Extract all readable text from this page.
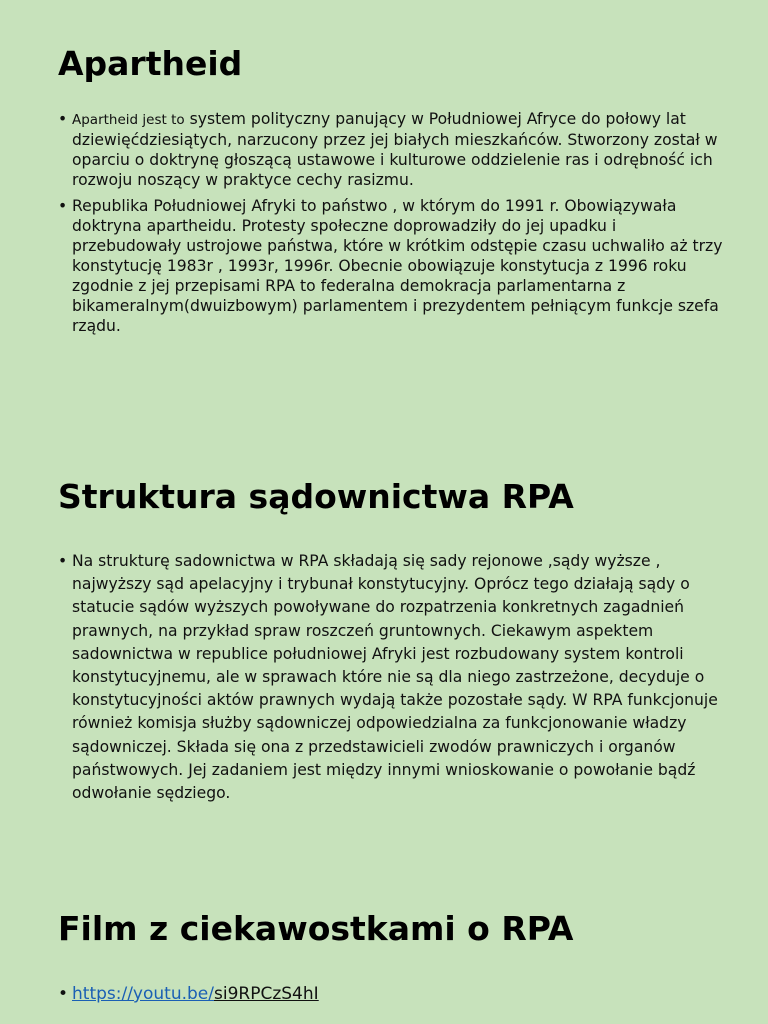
Apartheid
• Apartheid jest to system polityczny panujący w Południowej Afryce do połowy lat dziewięćdziesiątych, narzucony przez jej białych mieszkańców. Stworzony został w oparciu o doktrynę głoszącą ustawowe i kulturowe oddzielenie ras i odrębność ich rozwoju noszący w praktyce cechy rasizmu.
• Republika Południowej Afryki to państwo , w którym do 1991 r. Obowiązywała doktryna apartheidu. Protesty społeczne doprowadziły do jej upadku i przebudowały ustrojowe państwa, które w krótkim odstępie czasu uchwaliło aż trzy konstytucję 1983r , 1993r, 1996r. Obecnie obowiązuje konstytucja z 1996 roku zgodnie z jej przepisami RPA to federalna demokracja parlamentarna z bikameralnym(dwuizbowym) parlamentem i prezydentem pełniącym funkcje szefa rządu.
Struktura sądownictwa RPA
• Na strukturę sadownictwa w RPA składają się sady rejonowe ,sądy wyższe , najwyższy sąd apelacyjny i trybunał konstytucyjny. Oprócz tego działają sądy o statucie sądów wyższych powoływane do rozpatrzenia konkretnych zagadnień prawnych, na przykład spraw roszczeń gruntownych. Ciekawym aspektem sadownictwa w republice południowej Afryki jest rozbudowany system kontroli konstytucyjnemu, ale w sprawach które nie są dla niego zastrzeżone, decyduje o konstytucyjności aktów prawnych wydają także pozostałe sądy. W RPA funkcjonuje również komisja służby sądowniczej odpowiedzialna za funkcjonowanie władzy sądowniczej. Składa się ona z przedstawicieli zwodów prawniczych i organów państwowych. Jej zadaniem jest między innymi wnioskowanie o powołanie bądź odwołanie sędziego.
Film z ciekawostkami o RPA
• https://youtu.be/si9RPCzS4hI
